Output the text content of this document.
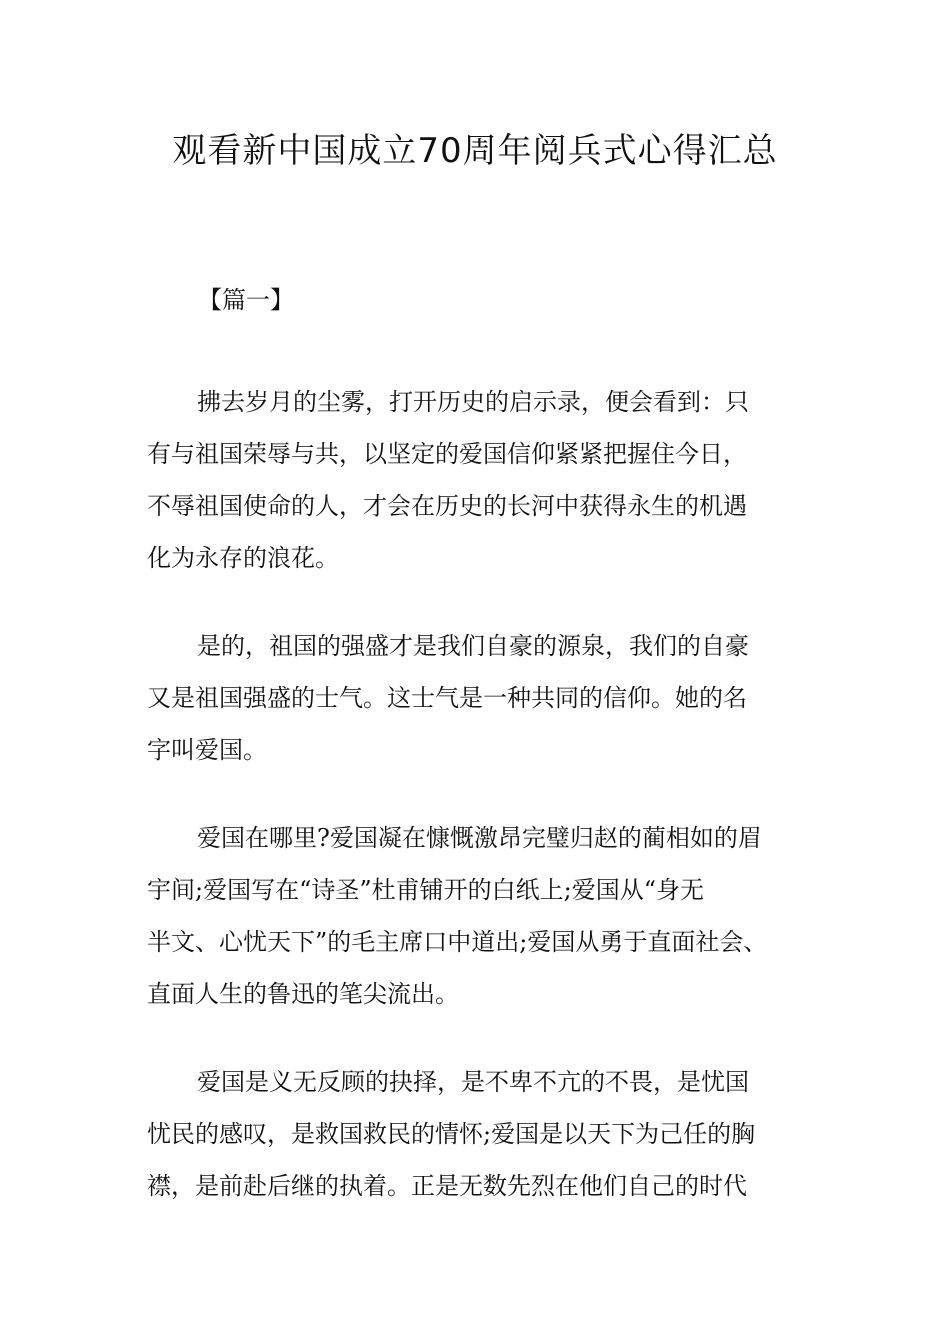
观看新中国成立70周年阅兵式心得汇总

【篇一】

拂去岁月的尘雾，打开历史的启示录，便会看到：只
有与祖国荣辱与共，以坚定的爱国信仰紧紧把握住今日，
不辱祖国使命的人，才会在历史的长河中获得永生的机遇
化为永存的浪花。

是的，祖国的强盛才是我们自豪的源泉，我们的自豪
又是祖国强盛的士气。这士气是一种共同的信仰。她的名
字叫爱国。

爱国在哪里?爱国凝在慷慨激昂完璧归赵的蔺相如的眉
宇间;爱国写在“诗圣”杜甫铺开的白纸上;爱国从“身无
半文、心忧天下”的毛主席口中道出;爱国从勇于直面社会、
直面人生的鲁迅的笔尖流出。

爱国是义无反顾的抉择，是不卑不亢的不畏，是忧国
忧民的感叹，是救国救民的情怀;爱国是以天下为己任的胸
襟，是前赴后继的执着。正是无数先烈在他们自己的时代
